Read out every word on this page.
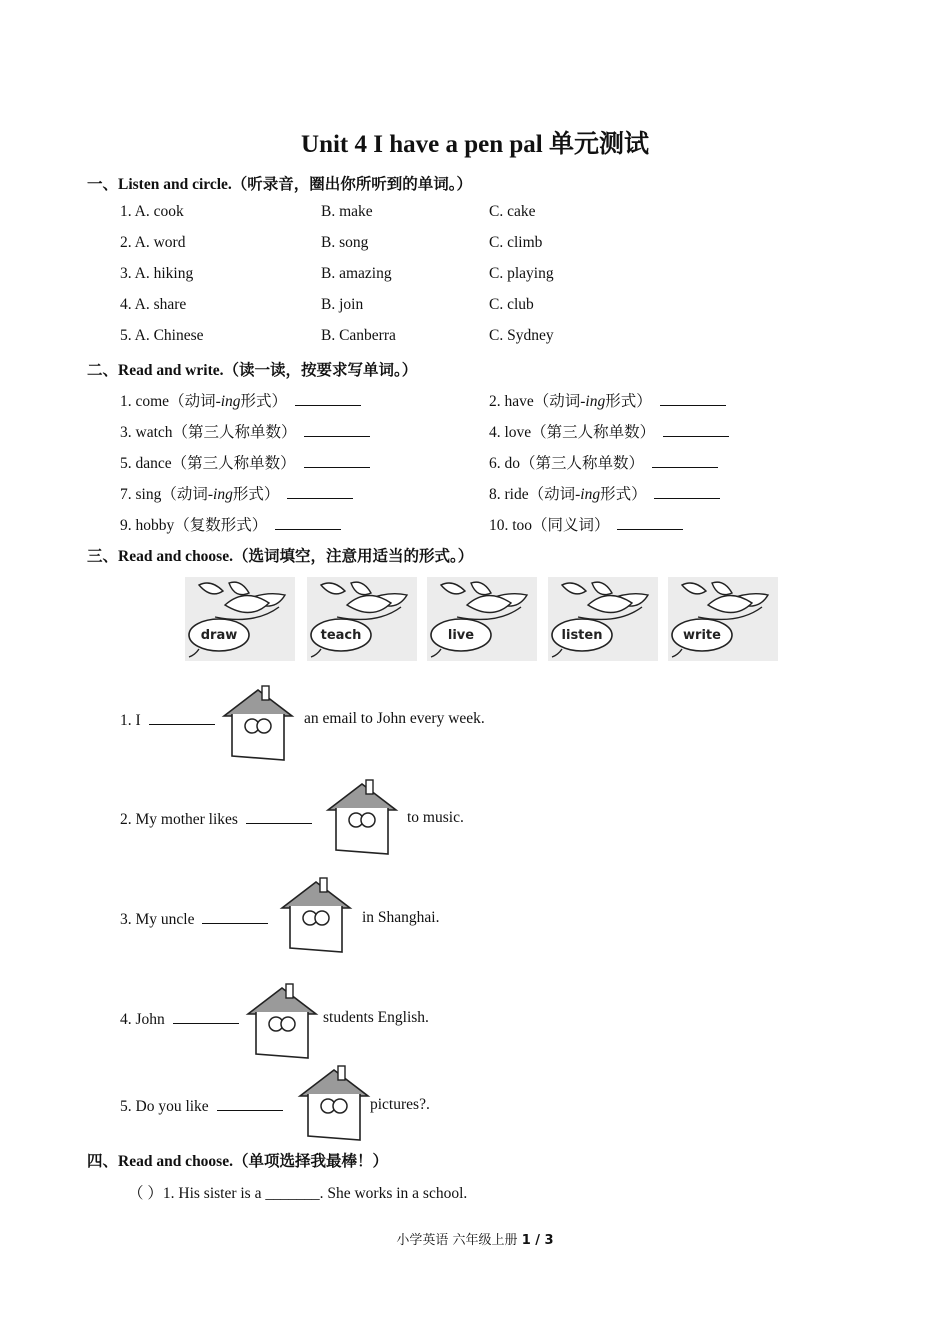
Unit 4 I have a pen pal 单元测试
一、Listen and circle.（听录音，圈出你所听到的单词。）
1. A. cook	B. make	C. cake
2. A. word	B. song	C. climb
3. A. hiking	B. amazing	C. playing
4. A. share	B. join	C. club
5. A. Chinese	B. Canberra	C. Sydney
二、Read and write.（读一读，按要求写单词。）
1. come（动词-ing形式）	2. have（动词-ing形式）
3. watch（第三人称单数）	4. love（第三人称单数）
5. dance（第三人称单数）	6. do（第三人称单数）
7. sing（动词-ing形式）	8. ride（动词-ing形式）
9. hobby（复数形式）	10. too（同义词）
三、Read and choose.（选词填空，注意用适当的形式。）
draw	teach	live	listen	write
1. I	an email to John every week.
2. My mother likes	to music.
3. My uncle	in Shanghai.
4. John	students English.
5. Do you like	pictures?.
四、Read and choose.（单项选择我最棒！）
（ ）1. His sister is a _______. She works in a school.
小学英语 六年级上册 1 / 3
